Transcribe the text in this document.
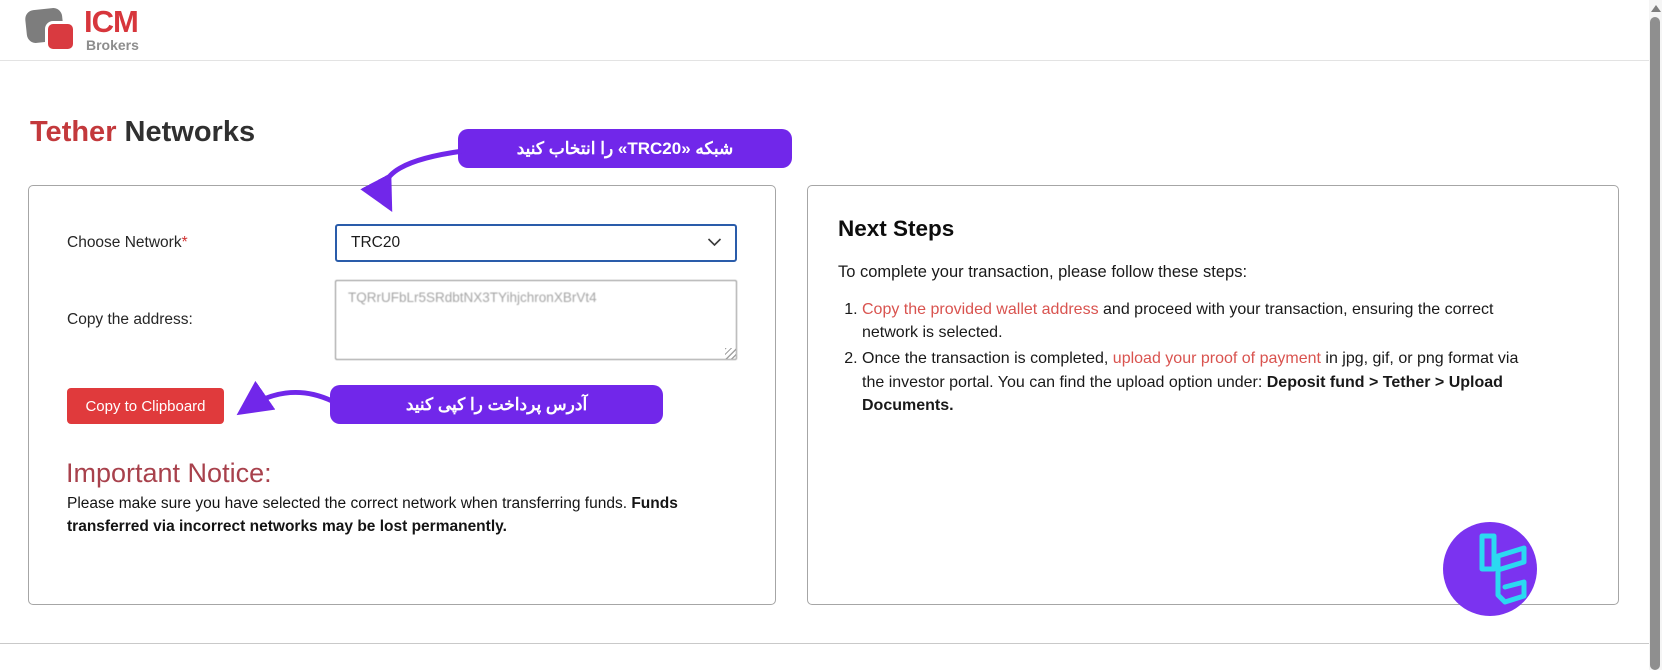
ICM
Brokers
Tether Networks
Choose Network*	TRC20
Copy the address:
TQRrUFbLr5SRdbtNX3TYihjchronXBrVt4
Copy to Clipboard
Important Notice:
Please make sure you have selected the correct network when transferring funds. Funds transferred via incorrect networks may be lost permanently.
Next Steps
To complete your transaction, please follow these steps:
1. Copy the provided wallet address and proceed with your transaction, ensuring the correct network is selected.
2. Once the transaction is completed, upload your proof of payment in jpg, gif, or png format via the investor portal. You can find the upload option under: Deposit fund > Tether > Upload Documents.
شبکه «TRC20» را انتخاب کنید
آدرس پرداخت را کپی کنید
